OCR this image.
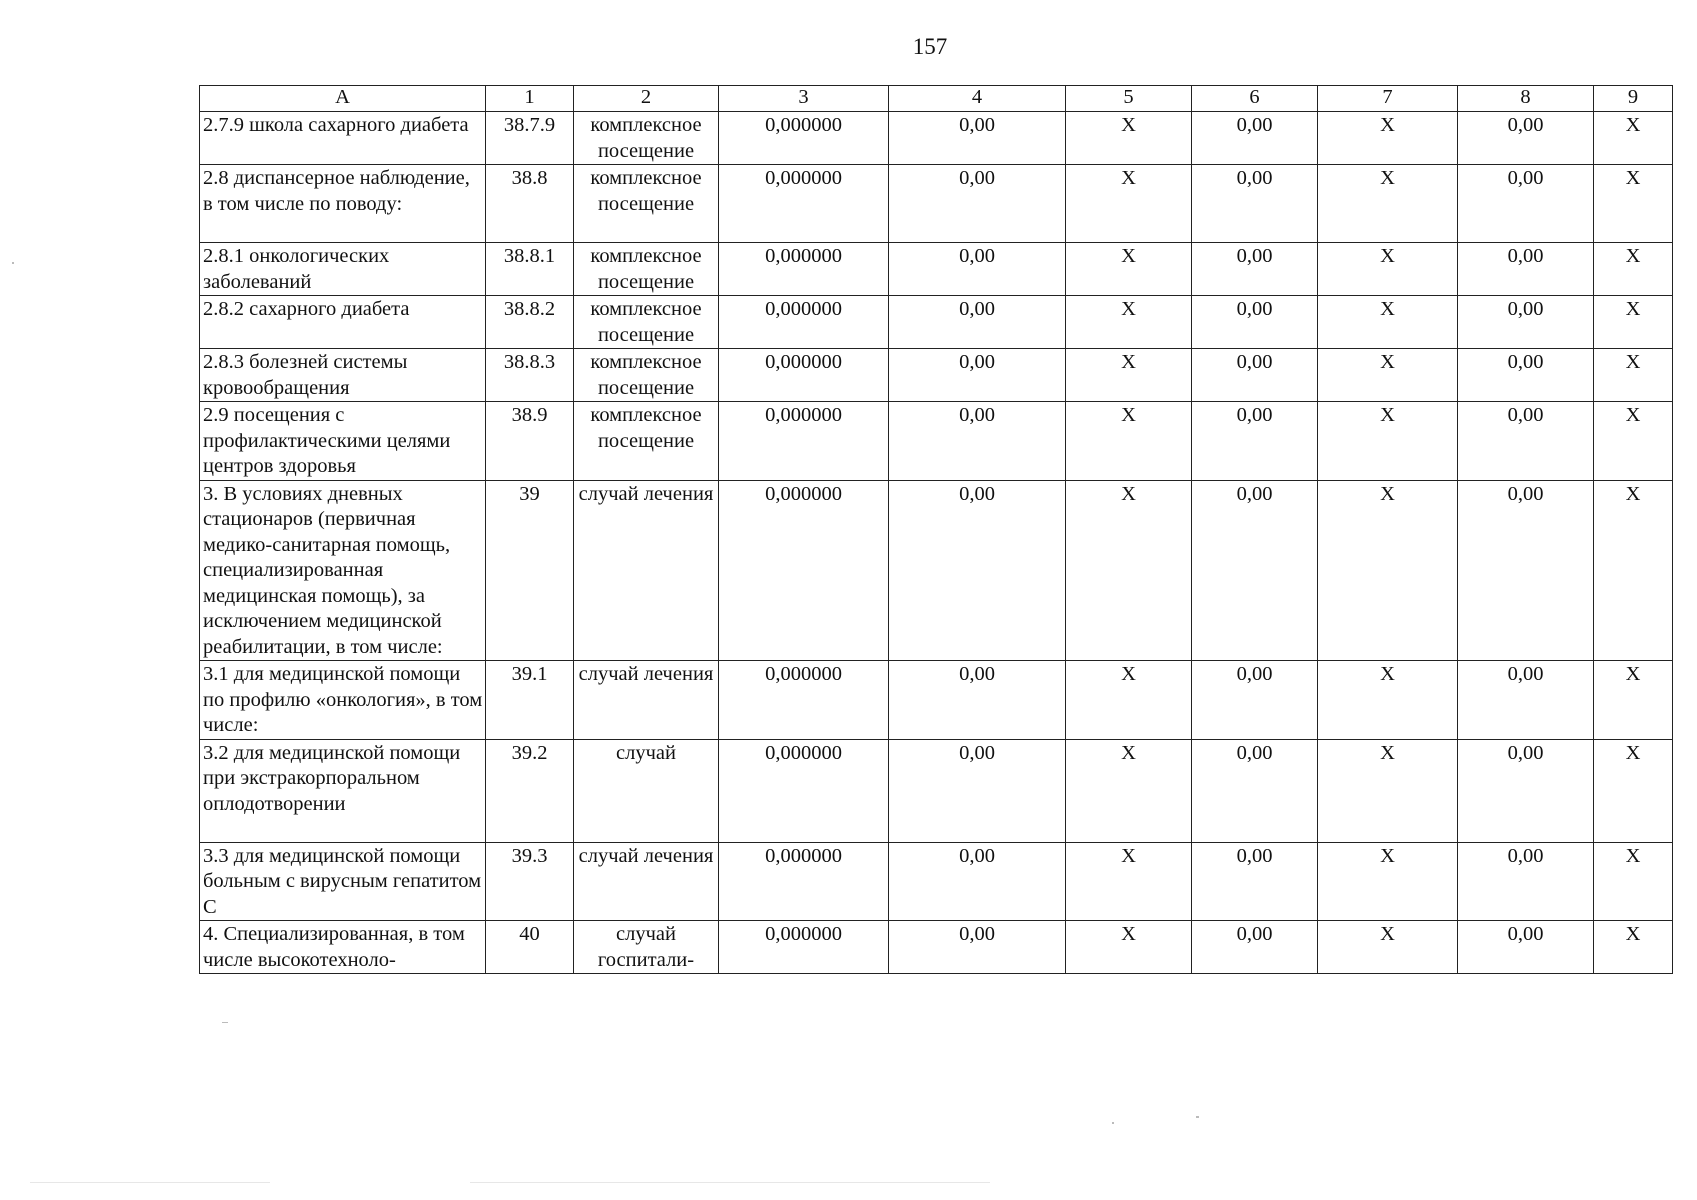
157
А	1	2	3	4	5	6	7	8	9
2.7.9 школа сахарного диабета	38.7.9	комплексное посещение	0,000000	0,00	Х	0,00	Х	0,00	Х
2.8 диспансерное наблюдение, в том числе по поводу:	38.8	комплексное посещение	0,000000	0,00	Х	0,00	Х	0,00	Х
2.8.1 онкологических заболеваний	38.8.1	комплексное посещение	0,000000	0,00	Х	0,00	Х	0,00	Х
2.8.2 сахарного диабета	38.8.2	комплексное посещение	0,000000	0,00	Х	0,00	Х	0,00	Х
2.8.3 болезней системы кровообращения	38.8.3	комплексное посещение	0,000000	0,00	Х	0,00	Х	0,00	Х
2.9 посещения с профилактическими целями центров здоровья	38.9	комплексное посещение	0,000000	0,00	Х	0,00	Х	0,00	Х
3. В условиях дневных стационаров (первичная медико-санитарная помощь, специализированная медицинская помощь), за исключением медицинской реабилитации, в том числе:	39	случай лечения	0,000000	0,00	Х	0,00	Х	0,00	Х
3.1 для медицинской помощи по профилю «онкология», в том числе:	39.1	случай лечения	0,000000	0,00	Х	0,00	Х	0,00	Х
3.2 для медицинской помощи при экстракорпоральном оплодотворении	39.2	случай	0,000000	0,00	Х	0,00	Х	0,00	Х
3.3 для медицинской помощи больным с вирусным гепатитом С	39.3	случай лечения	0,000000	0,00	Х	0,00	Х	0,00	Х
4. Специализированная, в том числе высокотехноло-	40	случай госпитали-	0,000000	0,00	Х	0,00	Х	0,00	Х
